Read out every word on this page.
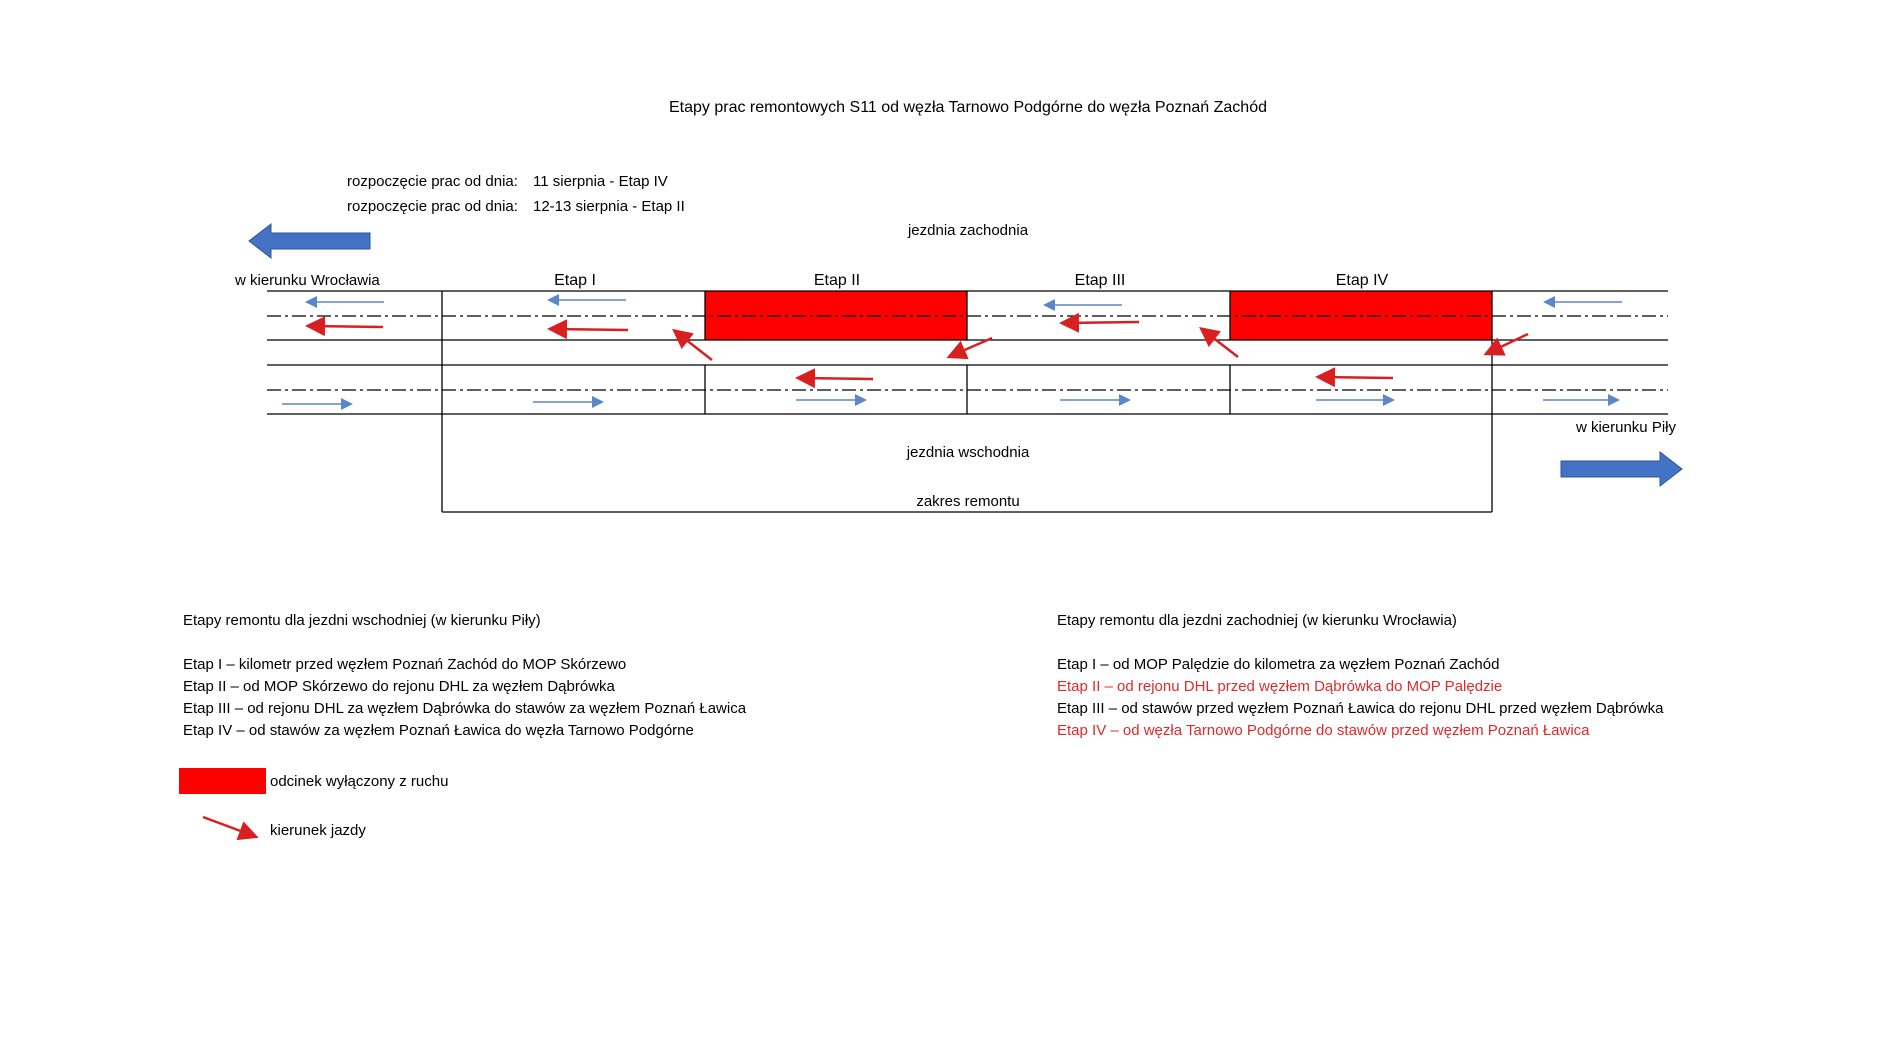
Etapy prac remontowych S11 od węzła Tarnowo Podgórne do węzła Poznań Zachód
rozpoczęcie prac od dnia: 11 sierpnia - Etap IV
rozpoczęcie prac od dnia: 12-13 sierpnia - Etap II
jezdnia zachodnia
w kierunku Wrocławia	Etap I	Etap II	Etap III	Etap IV
jezdnia wschodnia
zakres remontu
w kierunku Piły
Etapy remontu dla jezdni wschodniej (w kierunku Piły)
Etap I – kilometr przed węzłem Poznań Zachód do MOP Skórzewo
Etap II – od MOP Skórzewo do rejonu DHL za węzłem Dąbrówka
Etap III – od rejonu DHL za węzłem Dąbrówka do stawów za węzłem Poznań Ławica
Etap IV – od stawów za węzłem Poznań Ławica do węzła Tarnowo Podgórne
Etapy remontu dla jezdni zachodniej (w kierunku Wrocławia)
Etap I – od MOP Palędzie do kilometra za węzłem Poznań Zachód
Etap II – od rejonu DHL przed węzłem Dąbrówka do MOP Palędzie
Etap III – od stawów przed węzłem Poznań Ławica do rejonu DHL przed węzłem Dąbrówka
Etap IV – od węzła Tarnowo Podgórne do stawów przed węzłem Poznań Ławica
odcinek wyłączony z ruchu
kierunek jazdy
